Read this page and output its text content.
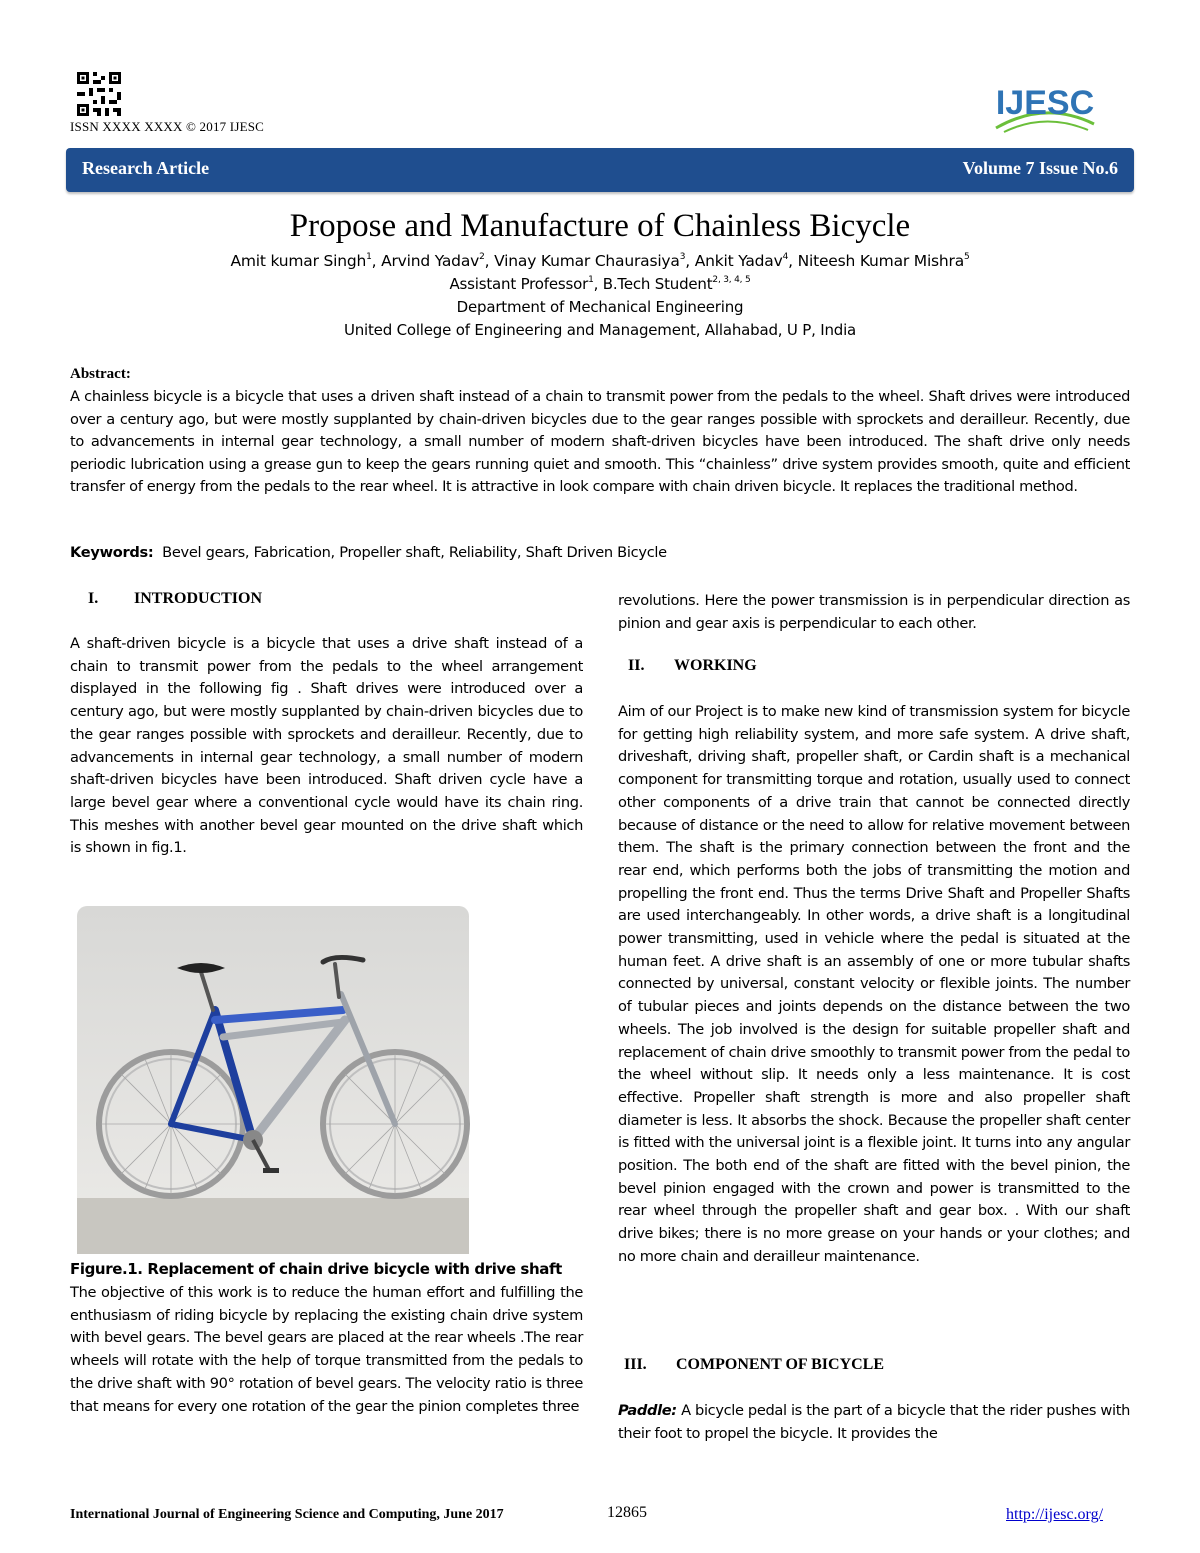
ISSN XXXX XXXX © 2017 IJESC
IJESC
Research Article	Volume 7 Issue No.6
Propose and Manufacture of Chainless Bicycle
Amit kumar Singh$^1$, Arvind Yadav$^2$, Vinay Kumar Chaurasiya$^3$, Ankit Yadav$^4$, Niteesh Kumar Mishra$^5$
Assistant Professor$^1$, B.Tech Student$^{2, 3, 4, 5}$
Department of Mechanical Engineering
United College of Engineering and Management, Allahabad, U P, India
Abstract:
A chainless bicycle is a bicycle that uses a driven shaft instead of a chain to transmit power from the pedals to the wheel. Shaft drives were introduced over a century ago, but were mostly supplanted by chain-driven bicycles due to the gear ranges possible with sprockets and derailleur. Recently, due to advancements in internal gear technology, a small number of modern shaft-driven bicycles have been introduced. The shaft drive only needs periodic lubrication using a grease gun to keep the gears running quiet and smooth. This “chainless” drive system provides smooth, quite and efficient transfer of energy from the pedals to the rear wheel. It is attractive in look compare with chain driven bicycle. It replaces the traditional method.
Keywords: Bevel gears, Fabrication, Propeller shaft, Reliability, Shaft Driven Bicycle
I. INTRODUCTION
A shaft-driven bicycle is a bicycle that uses a drive shaft instead of a chain to transmit power from the pedals to the wheel arrangement displayed in the following fig . Shaft drives were introduced over a century ago, but were mostly supplanted by chain-driven bicycles due to the gear ranges possible with sprockets and derailleur. Recently, due to advancements in internal gear technology, a small number of modern shaft-driven bicycles have been introduced. Shaft driven cycle have a large bevel gear where a conventional cycle would have its chain ring. This meshes with another bevel gear mounted on the drive shaft which is shown in fig.1.
Figure.1. Replacement of chain drive bicycle with drive shaft
The objective of this work is to reduce the human effort and fulfilling the enthusiasm of riding bicycle by replacing the existing chain drive system with bevel gears. The bevel gears are placed at the rear wheels .The rear wheels will rotate with the help of torque transmitted from the pedals to the drive shaft with 90° rotation of bevel gears. The velocity ratio is three that means for every one rotation of the gear the pinion completes three
revolutions. Here the power transmission is in perpendicular direction as pinion and gear axis is perpendicular to each other.
II. WORKING
Aim of our Project is to make new kind of transmission system for bicycle for getting high reliability system, and more safe system. A drive shaft, driveshaft, driving shaft, propeller shaft, or Cardin shaft is a mechanical component for transmitting torque and rotation, usually used to connect other components of a drive train that cannot be connected directly because of distance or the need to allow for relative movement between them. The shaft is the primary connection between the front and the rear end, which performs both the jobs of transmitting the motion and propelling the front end. Thus the terms Drive Shaft and Propeller Shafts are used interchangeably. In other words, a drive shaft is a longitudinal power transmitting, used in vehicle where the pedal is situated at the human feet. A drive shaft is an assembly of one or more tubular shafts connected by universal, constant velocity or flexible joints. The number of tubular pieces and joints depends on the distance between the two wheels. The job involved is the design for suitable propeller shaft and replacement of chain drive smoothly to transmit power from the pedal to the wheel without slip. It needs only a less maintenance. It is cost effective. Propeller shaft strength is more and also propeller shaft diameter is less. It absorbs the shock. Because the propeller shaft center is fitted with the universal joint is a flexible joint. It turns into any angular position. The both end of the shaft are fitted with the bevel pinion, the bevel pinion engaged with the crown and power is transmitted to the rear wheel through the propeller shaft and gear box. . With our shaft drive bikes; there is no more grease on your hands or your clothes; and no more chain and derailleur maintenance.
III. COMPONENT OF BICYCLE
Paddle: A bicycle pedal is the part of a bicycle that the rider pushes with their foot to propel the bicycle. It provides the
International Journal of Engineering Science and Computing, June 2017	12865	http://ijesc.org/
